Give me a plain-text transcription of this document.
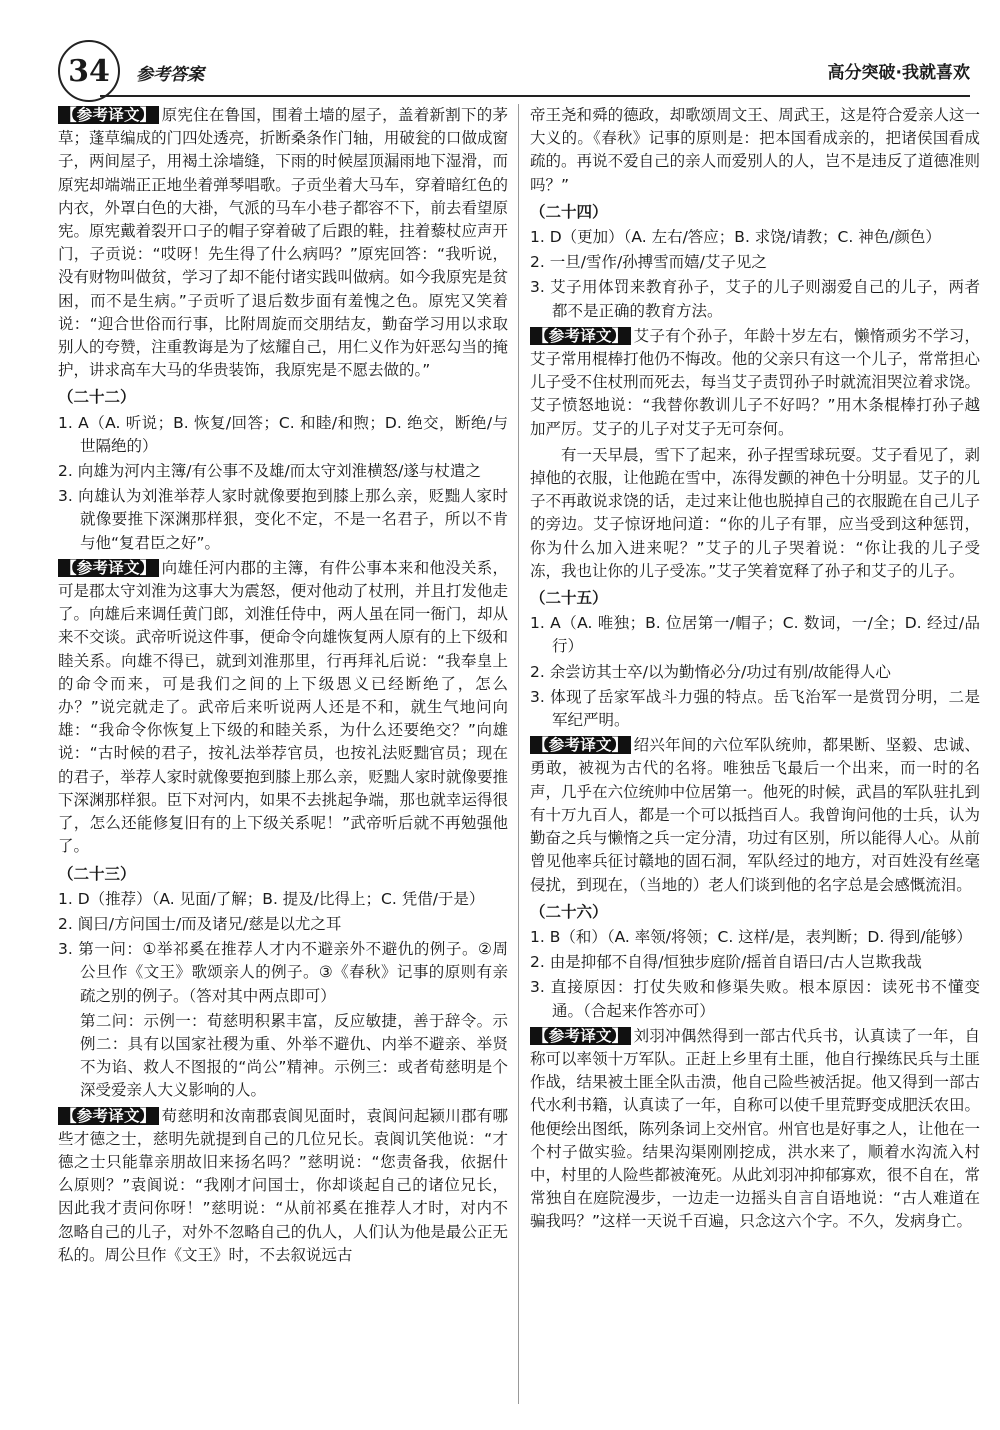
34	参考答案	高分突破·我就喜欢

【参考译文】 原宪住在鲁国，围着土墙的屋子，盖着新割下的茅草；蓬草编成的门四处透亮，折断桑条作门轴，用破瓮的口做成窗子，两间屋子，用褐土涂墙缝，下雨的时候屋顶漏雨地下湿滑，而原宪却端端正正地坐着弹琴唱歌。子贡坐着大马车，穿着暗红色的内衣，外罩白色的大褂，气派的马车小巷子都容不下，前去看望原宪。原宪戴着裂开口子的帽子穿着破了后跟的鞋，拄着藜杖应声开门，子贡说：“哎呀！先生得了什么病吗？”原宪回答：“我听说，没有财物叫做贫，学习了却不能付诸实践叫做病。如今我原宪是贫困，而不是生病。”子贡听了退后数步面有羞愧之色。原宪又笑着说：“迎合世俗而行事，比附周旋而交朋结友，勤奋学习用以求取别人的夸赞，注重教诲是为了炫耀自己，用仁义作为奸恶勾当的掩护，讲求高车大马的华贵装饰，我原宪是不愿去做的。”

（二十二）

1. A（A. 听说；B. 恢复/回答；C. 和睦/和煦；D. 绝交，断绝/与世隔绝的）

2. 向雄为河内主簿/有公事不及雄/而太守刘淮横怒/遂与杖遣之

3. 向雄认为刘淮举荐人家时就像要抱到膝上那么亲，贬黜人家时就像要推下深渊那样狠，变化不定，不是一名君子，所以不肯与他“复君臣之好”。

【参考译文】 向雄任河内郡的主簿，有件公事本来和他没关系，可是郡太守刘淮为这事大为震怒，便对他动了杖刑，并且打发他走了。向雄后来调任黄门郎，刘淮任侍中，两人虽在同一衙门，却从来不交谈。武帝听说这件事，便命令向雄恢复两人原有的上下级和睦关系。向雄不得已，就到刘淮那里，行再拜礼后说：“我奉皇上的命令而来，可是我们之间的上下级恩义已经断绝了，怎么办？”说完就走了。武帝后来听说两人还是不和，就生气地问向雄：“我命令你恢复上下级的和睦关系，为什么还要绝交？”向雄说：“古时候的君子，按礼法举荐官员，也按礼法贬黜官员；现在的君子，举荐人家时就像要抱到膝上那么亲，贬黜人家时就像要推下深渊那样狠。臣下对河内，如果不去挑起争端，那也就幸运得很了，怎么还能修复旧有的上下级关系呢！”武帝听后就不再勉强他了。

（二十三）

1. D（推荐）（A. 见面/了解；B. 提及/比得上；C. 凭借/于是）

2. 阆曰/方问国士/而及诸兄/慈是以尤之耳

3. 第一问：①举祁奚在推荐人才内不避亲外不避仇的例子。②周公旦作《文王》歌颂亲人的例子。③《春秋》记事的原则有亲疏之别的例子。（答对其中两点即可）

第二问：示例一：荀慈明积累丰富，反应敏捷，善于辞令。示例二：具有以国家社稷为重、外举不避仇、内举不避亲、举贤不为谄、救人不图报的“尚公”精神。示例三：或者荀慈明是个深受爱亲人大义影响的人。

【参考译文】 荀慈明和汝南郡袁阆见面时，袁阆问起颍川郡有哪些才德之士，慈明先就提到自己的几位兄长。袁阆讥笑他说：“才德之士只能靠亲朋故旧来扬名吗？”慈明说：“您责备我，依据什么原则？”袁阆说：“我刚才问国士，你却谈起自己的诸位兄长，因此我才责问你呀！”慈明说：“从前祁奚在推荐人才时，对内不忽略自己的儿子，对外不忽略自己的仇人，人们认为他是最公正无私的。周公旦作《文王》时，不去叙说远古

帝王尧和舜的德政，却歌颂周文王、周武王，这是符合爱亲人这一大义的。《春秋》记事的原则是：把本国看成亲的，把诸侯国看成疏的。再说不爱自己的亲人而爱别人的人，岂不是违反了道德准则吗？”

（二十四）

1. D（更加）（A. 左右/答应；B. 求饶/请教；C. 神色/颜色）

2. 一旦/雪作/孙搏雪而嬉/艾子见之

3. 艾子用体罚来教育孙子，艾子的儿子则溺爱自己的儿子，两者都不是正确的教育方法。

【参考译文】 艾子有个孙子，年龄十岁左右，懒惰顽劣不学习，艾子常用棍棒打他仍不悔改。他的父亲只有这一个儿子，常常担心儿子受不住杖刑而死去，每当艾子责罚孙子时就流泪哭泣着求饶。艾子愤怒地说：“我替你教训儿子不好吗？”用木条棍棒打孙子越加严厉。艾子的儿子对艾子无可奈何。

有一天早晨，雪下了起来，孙子捏雪球玩耍。艾子看见了，剥掉他的衣服，让他跪在雪中，冻得发颤的神色十分明显。艾子的儿子不再敢说求饶的话，走过来让他也脱掉自己的衣服跪在自己儿子的旁边。艾子惊讶地问道：“你的儿子有罪，应当受到这种惩罚，你为什么加入进来呢？”艾子的儿子哭着说：“你让我的儿子受冻，我也让你的儿子受冻。”艾子笑着宽释了孙子和艾子的儿子。

（二十五）

1. A（A. 唯独；B. 位居第一/帽子；C. 数词，一/全；D. 经过/品行）

2. 余尝访其士卒/以为勤惰必分/功过有别/故能得人心

3. 体现了岳家军战斗力强的特点。岳飞治军一是赏罚分明，二是军纪严明。

【参考译文】 绍兴年间的六位军队统帅，都果断、坚毅、忠诚、勇敢，被视为古代的名将。唯独岳飞最后一个出来，而一时的名声，几乎在六位统帅中位居第一。他死的时候，武昌的军队驻扎到有十万九百人，都是一个可以抵挡百人。我曾询问他的士兵，认为勤奋之兵与懒惰之兵一定分清，功过有区别，所以能得人心。从前曾见他率兵征讨赣地的固石洞，军队经过的地方，对百姓没有丝毫侵扰，到现在，（当地的）老人们谈到他的名字总是会感慨流泪。

（二十六）

1. B（和）（A. 率领/将领；C. 这样/是，表判断；D. 得到/能够）

2. 由是抑郁不自得/恒独步庭阶/摇首自语曰/古人岂欺我哉

3. 直接原因：打仗失败和修渠失败。根本原因：读死书不懂变通。（合起来作答亦可）

【参考译文】 刘羽冲偶然得到一部古代兵书，认真读了一年，自称可以率领十万军队。正赶上乡里有土匪，他自行操练民兵与土匪作战，结果被土匪全队击溃，他自己险些被活捉。他又得到一部古代水利书籍，认真读了一年，自称可以使千里荒野变成肥沃农田。他便绘出图纸，陈列条词上交州官。州官也是好事之人，让他在一个村子做实验。结果沟渠刚刚挖成，洪水来了，顺着水沟流入村中，村里的人险些都被淹死。从此刘羽冲抑郁寡欢，很不自在，常常独自在庭院漫步，一边走一边摇头自言自语地说：“古人难道在骗我吗？”这样一天说千百遍，只念这六个字。不久，发病身亡。
